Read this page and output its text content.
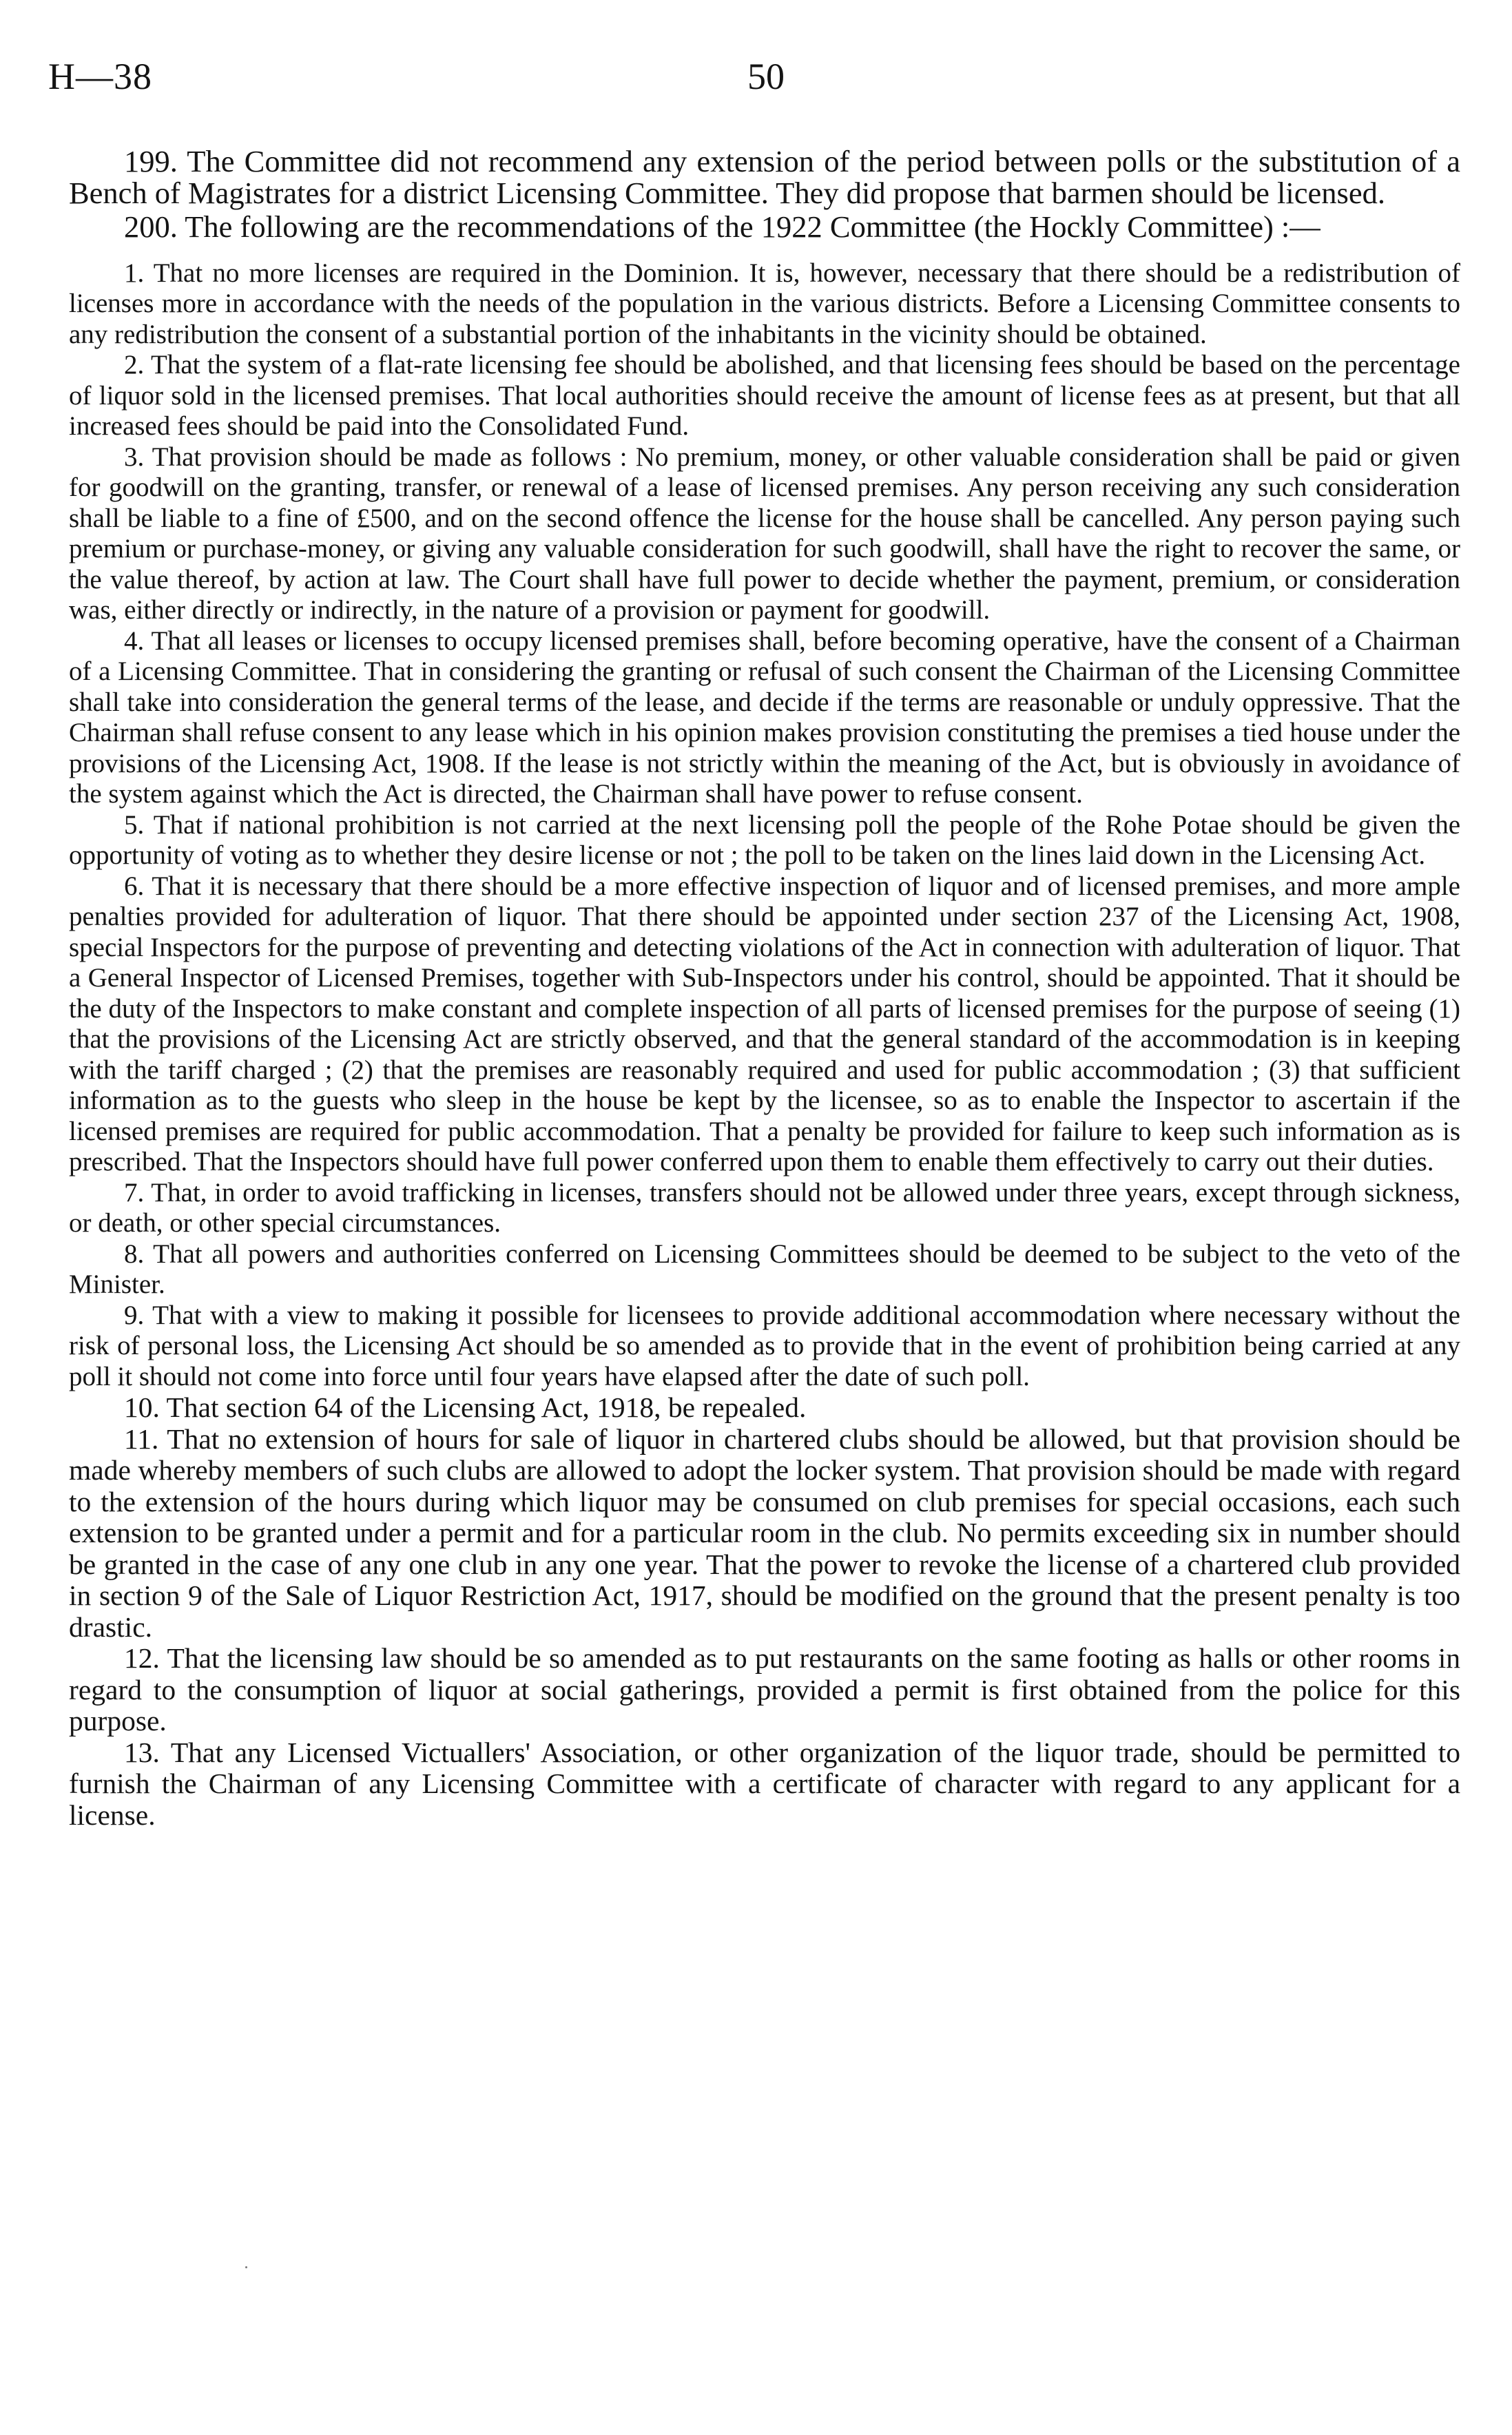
H—38	50

199. The Committee did not recommend any extension of the period between polls or the substitution of a Bench of Magistrates for a district Licensing Committee. They did propose that barmen should be licensed.

200. The following are the recommendations of the 1922 Committee (the Hockly Committee) :—

1. That no more licenses are required in the Dominion. It is, however, necessary that there should be a redistribution of licenses more in accordance with the needs of the population in the various districts. Before a Licensing Committee consents to any redistribution the consent of a substantial portion of the inhabitants in the vicinity should be obtained.

2. That the system of a flat-rate licensing fee should be abolished, and that licensing fees should be based on the percentage of liquor sold in the licensed premises. That local authorities should receive the amount of license fees as at present, but that all increased fees should be paid into the Consolidated Fund.

3. That provision should be made as follows : No premium, money, or other valuable consideration shall be paid or given for goodwill on the granting, transfer, or renewal of a lease of licensed premises. Any person receiving any such consideration shall be liable to a fine of £500, and on the second offence the license for the house shall be cancelled. Any person paying such premium or purchase-money, or giving any valuable consideration for such goodwill, shall have the right to recover the same, or the value thereof, by action at law. The Court shall have full power to decide whether the payment, premium, or consideration was, either directly or indirectly, in the nature of a provision or payment for goodwill.

4. That all leases or licenses to occupy licensed premises shall, before becoming operative, have the consent of a Chairman of a Licensing Committee. That in considering the granting or refusal of such consent the Chairman of the Licensing Committee shall take into consideration the general terms of the lease, and decide if the terms are reasonable or unduly oppressive. That the Chairman shall refuse consent to any lease which in his opinion makes provision constituting the premises a tied house under the provisions of the Licensing Act, 1908. If the lease is not strictly within the meaning of the Act, but is obviously in avoidance of the system against which the Act is directed, the Chairman shall have power to refuse consent.

5. That if national prohibition is not carried at the next licensing poll the people of the Rohe Potae should be given the opportunity of voting as to whether they desire license or not ; the poll to be taken on the lines laid down in the Licensing Act.

6. That it is necessary that there should be a more effective inspection of liquor and of licensed premises, and more ample penalties provided for adulteration of liquor. That there should be appointed under section 237 of the Licensing Act, 1908, special Inspectors for the purpose of preventing and detecting violations of the Act in connection with adulteration of liquor. That a General Inspector of Licensed Premises, together with Sub-Inspectors under his control, should be appointed. That it should be the duty of the Inspectors to make constant and complete inspection of all parts of licensed premises for the purpose of seeing (1) that the provisions of the Licensing Act are strictly observed, and that the general standard of the accommodation is in keeping with the tariff charged ; (2) that the premises are reasonably required and used for public accommodation ; (3) that sufficient information as to the guests who sleep in the house be kept by the licensee, so as to enable the Inspector to ascertain if the licensed premises are required for public accommodation. That a penalty be provided for failure to keep such information as is prescribed. That the Inspectors should have full power conferred upon them to enable them effectively to carry out their duties.

7. That, in order to avoid trafficking in licenses, transfers should not be allowed under three years, except through sickness, or death, or other special circumstances.

8. That all powers and authorities conferred on Licensing Committees should be deemed to be subject to the veto of the Minister.

9. That with a view to making it possible for licensees to provide additional accommodation where necessary without the risk of personal loss, the Licensing Act should be so amended as to provide that in the event of prohibition being carried at any poll it should not come into force until four years have elapsed after the date of such poll.

10. That section 64 of the Licensing Act, 1918, be repealed.

11. That no extension of hours for sale of liquor in chartered clubs should be allowed, but that provision should be made whereby members of such clubs are allowed to adopt the locker system. That provision should be made with regard to the extension of the hours during which liquor may be consumed on club premises for special occasions, each such extension to be granted under a permit and for a particular room in the club. No permits exceeding six in number should be granted in the case of any one club in any one year. That the power to revoke the license of a chartered club provided in section 9 of the Sale of Liquor Restriction Act, 1917, should be modified on the ground that the present penalty is too drastic.

12. That the licensing law should be so amended as to put restaurants on the same footing as halls or other rooms in regard to the consumption of liquor at social gatherings, provided a permit is first obtained from the police for this purpose.

13. That any Licensed Victuallers' Association, or other organization of the liquor trade, should be permitted to furnish the Chairman of any Licensing Committee with a certificate of character with regard to any applicant for a license.
